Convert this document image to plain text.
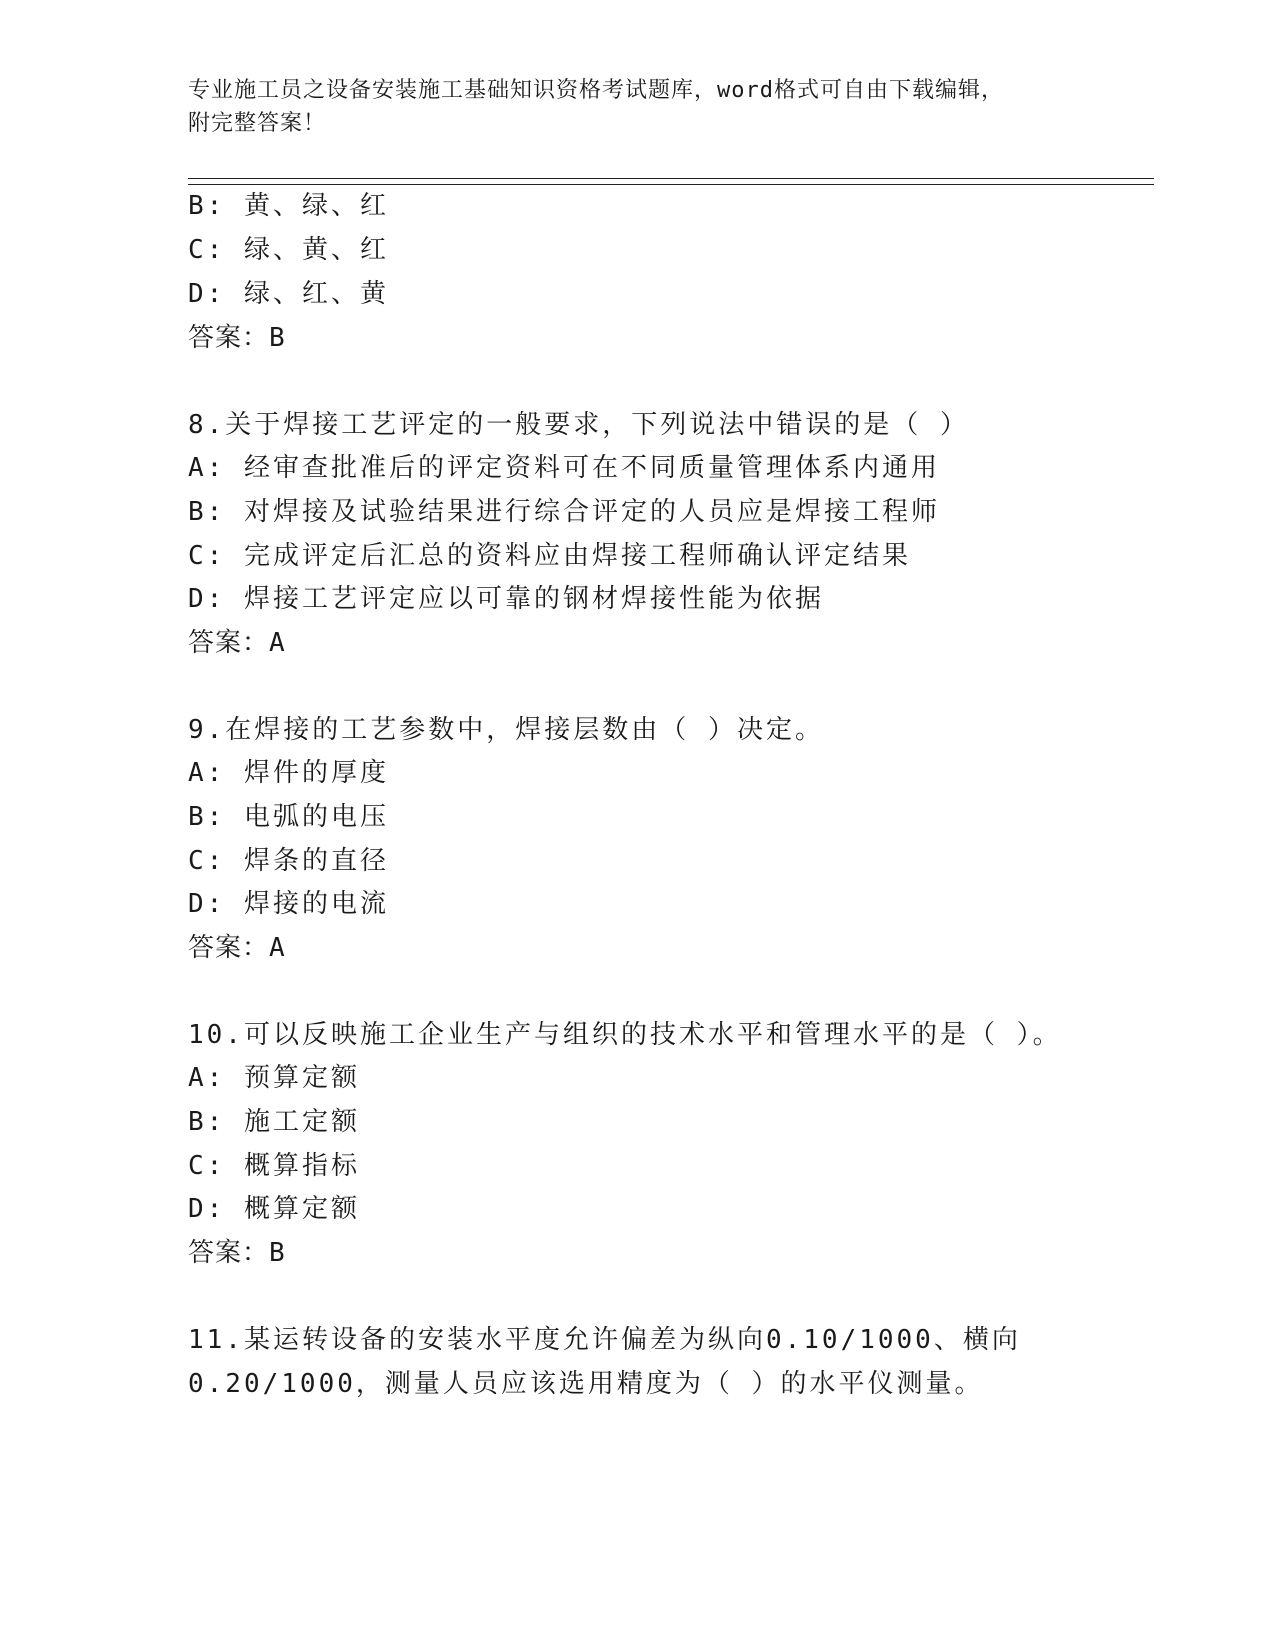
专业施工员之设备安装施工基础知识资格考试题库，word格式可自由下载编辑，
附完整答案！
B: 黄、绿、红
C: 绿、黄、红
D: 绿、红、黄
答案：B
8.关于焊接工艺评定的一般要求，下列说法中错误的是（ ）
A: 经审查批准后的评定资料可在不同质量管理体系内通用
B: 对焊接及试验结果进行综合评定的人员应是焊接工程师
C: 完成评定后汇总的资料应由焊接工程师确认评定结果
D: 焊接工艺评定应以可靠的钢材焊接性能为依据
答案：A
9.在焊接的工艺参数中，焊接层数由（ ）决定。
A: 焊件的厚度
B: 电弧的电压
C: 焊条的直径
D: 焊接的电流
答案：A
10.可以反映施工企业生产与组织的技术水平和管理水平的是（ ）。
A: 预算定额
B: 施工定额
C: 概算指标
D: 概算定额
答案：B
11.某运转设备的安装水平度允许偏差为纵向0.10/1000、横向
0.20/1000，测量人员应该选用精度为（ ）的水平仪测量。
